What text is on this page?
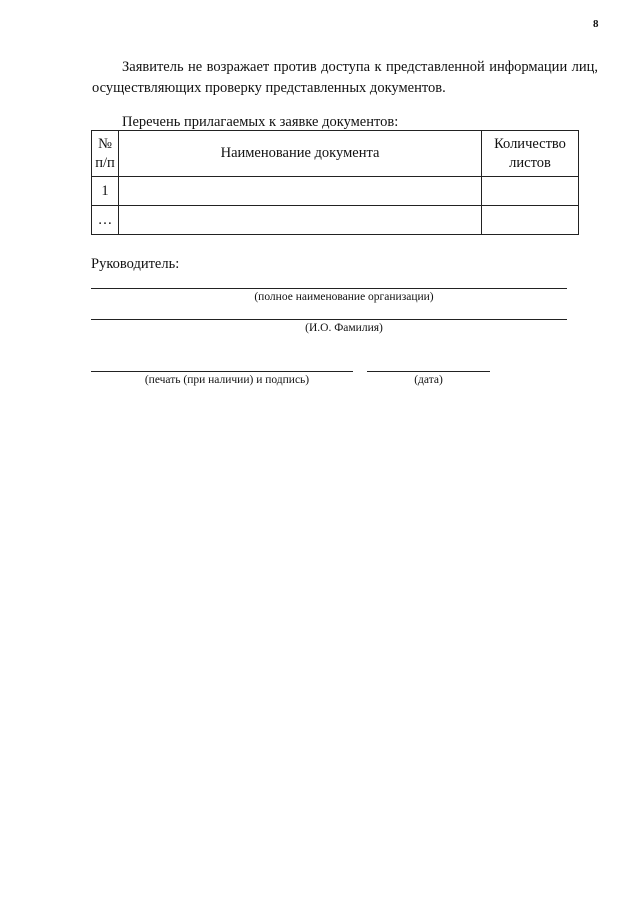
8

Заявитель не возражает против доступа к представленной информации лиц, осуществляющих проверку представленных документов.

Перечень прилагаемых к заявке документов:

№ п/п	Наименование документа	Количество листов
1		
…		
Руководитель:
(полное наименование организации)
(И.О. Фамилия)
(печать (при наличии) и подпись)	(дата)
